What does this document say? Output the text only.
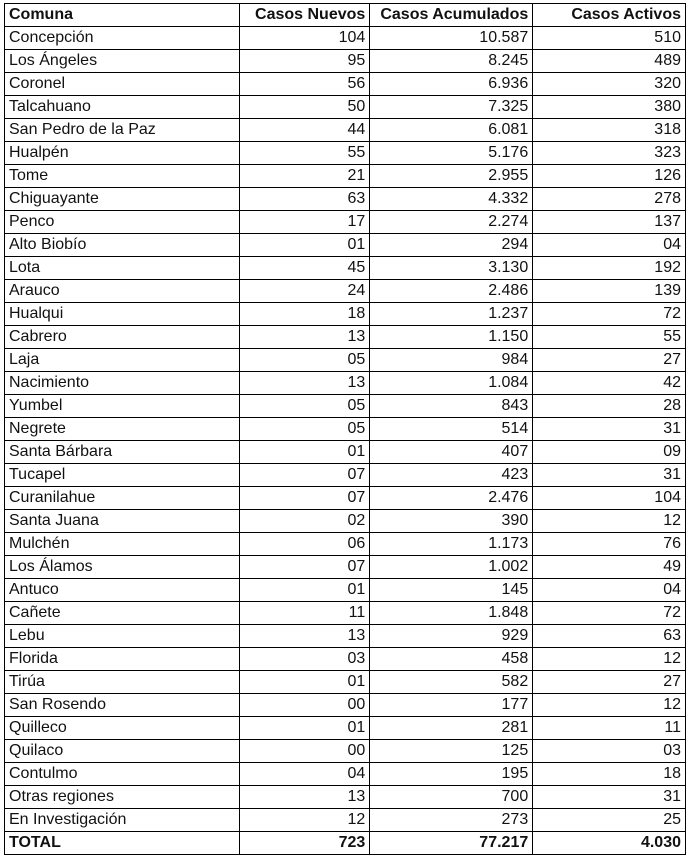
Comuna	Casos Nuevos	Casos Acumulados	Casos Activos
Concepción	104	10.587	510
Los Ángeles	95	8.245	489
Coronel	56	6.936	320
Talcahuano	50	7.325	380
San Pedro de la Paz	44	6.081	318
Hualpén	55	5.176	323
Tome	21	2.955	126
Chiguayante	63	4.332	278
Penco	17	2.274	137
Alto Biobío	01	294	04
Lota	45	3.130	192
Arauco	24	2.486	139
Hualqui	18	1.237	72
Cabrero	13	1.150	55
Laja	05	984	27
Nacimiento	13	1.084	42
Yumbel	05	843	28
Negrete	05	514	31
Santa Bárbara	01	407	09
Tucapel	07	423	31
Curanilahue	07	2.476	104
Santa Juana	02	390	12
Mulchén	06	1.173	76
Los Álamos	07	1.002	49
Antuco	01	145	04
Cañete	11	1.848	72
Lebu	13	929	63
Florida	03	458	12
Tirúa	01	582	27
San Rosendo	00	177	12
Quilleco	01	281	11
Quilaco	00	125	03
Contulmo	04	195	18
Otras regiones	13	700	31
En Investigación	12	273	25
TOTAL	723	77.217	4.030
